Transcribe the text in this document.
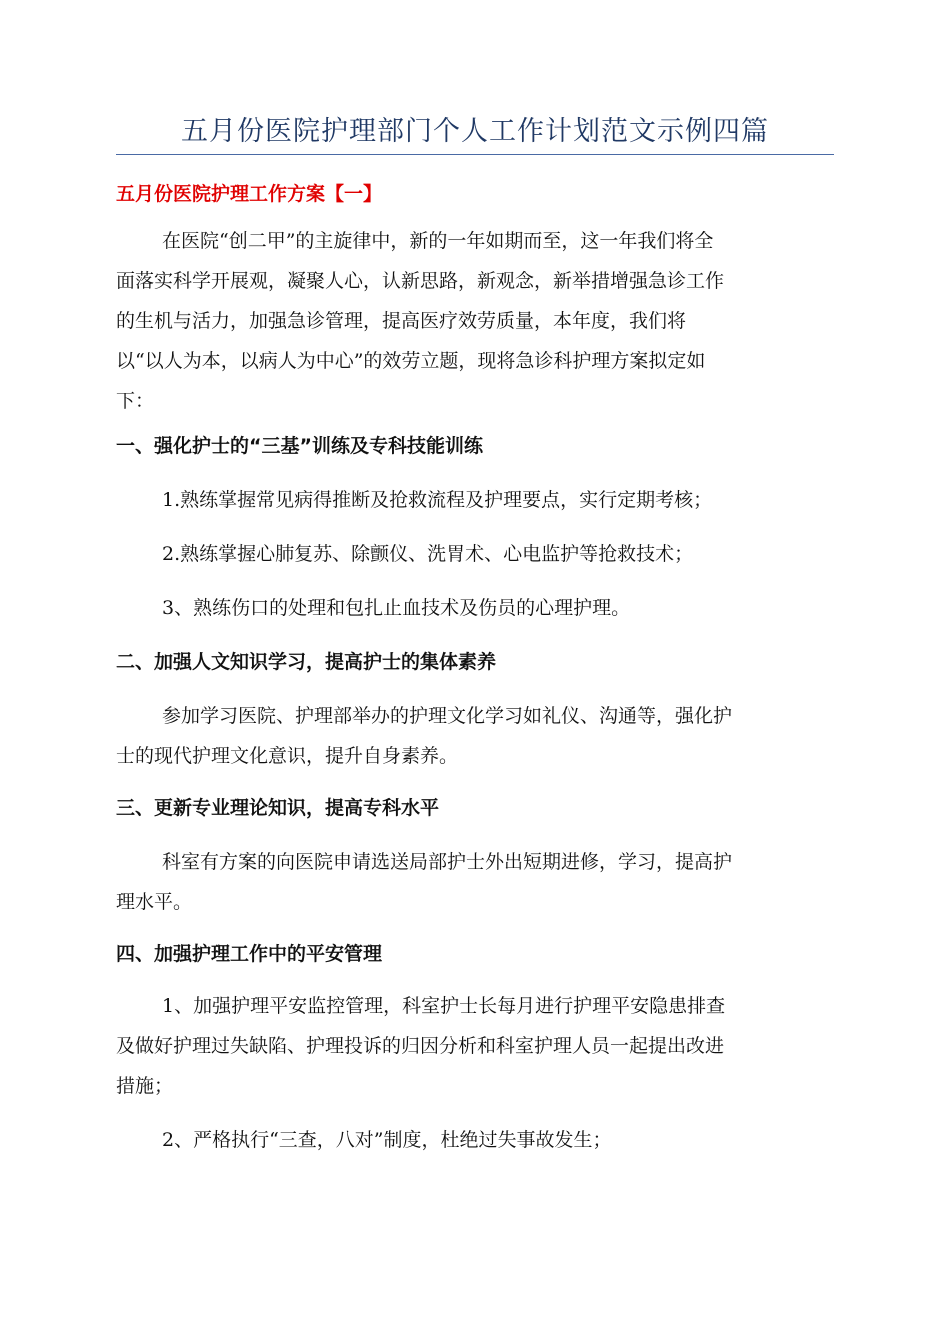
五月份医院护理部门个人工作计划范文示例四篇
五月份医院护理工作方案【一】
在医院“创二甲”的主旋律中，新的一年如期而至，这一年我们将全
面落实科学开展观，凝聚人心，认新思路，新观念，新举措增强急诊工作
的生机与活力，加强急诊管理，提高医疗效劳质量，本年度，我们将
以“以人为本，以病人为中心”的效劳立题，现将急诊科护理方案拟定如
下：
一、强化护士的“三基”训练及专科技能训练
1.熟练掌握常见病得推断及抢救流程及护理要点，实行定期考核；
2.熟练掌握心肺复苏、除颤仪、洗胃术、心电监护等抢救技术；
3、熟练伤口的处理和包扎止血技术及伤员的心理护理。
二、加强人文知识学习，提高护士的集体素养
参加学习医院、护理部举办的护理文化学习如礼仪、沟通等，强化护
士的现代护理文化意识，提升自身素养。
三、更新专业理论知识，提高专科水平
科室有方案的向医院申请选送局部护士外出短期进修，学习，提高护
理水平。
四、加强护理工作中的平安管理
1、加强护理平安监控管理，科室护士长每月进行护理平安隐患排查
及做好护理过失缺陷、护理投诉的归因分析和科室护理人员一起提出改进
措施；
2、严格执行“三查，八对”制度，杜绝过失事故发生；
